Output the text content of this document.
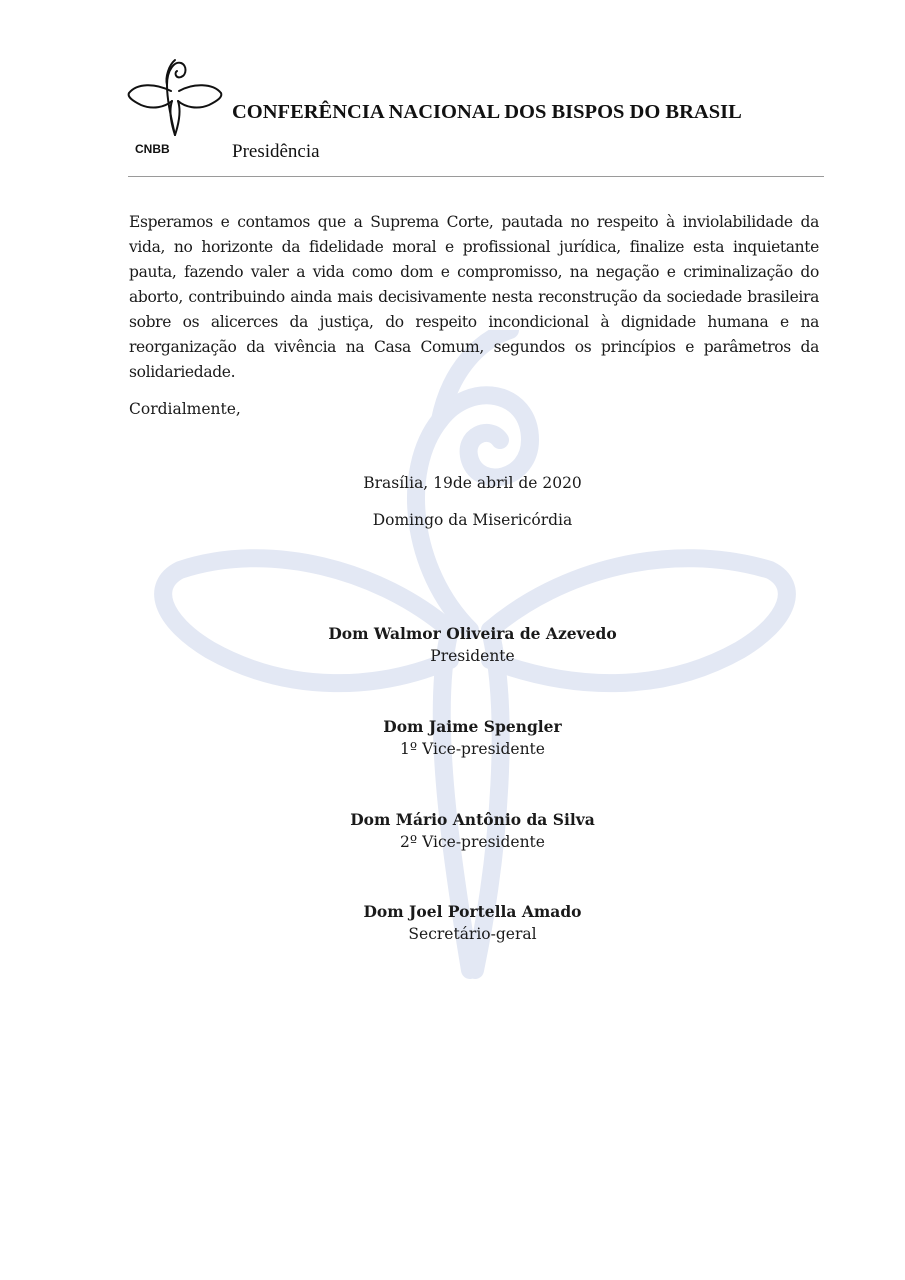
CNBB
CONFERÊNCIA NACIONAL DOS BISPOS DO BRASIL
Presidência

Esperamos e contamos que a Suprema Corte, pautada no respeito à inviolabilidade da vida, no horizonte da fidelidade moral e profissional jurídica, finalize esta inquietante pauta, fazendo valer a vida como dom e compromisso, na negação e criminalização do aborto, contribuindo ainda mais decisivamente nesta reconstrução da sociedade brasileira sobre os alicerces da justiça, do respeito incondicional à dignidade humana e na reorganização da vivência na Casa Comum, segundos os princípios e parâmetros da solidariedade.

Cordialmente,

Brasília, 19de abril de 2020
Domingo da Misericórdia
Dom Walmor Oliveira de Azevedo
Presidente
Dom Jaime Spengler
1º Vice-presidente
Dom Mário Antônio da Silva
2º Vice-presidente
Dom Joel Portella Amado
Secretário-geral
